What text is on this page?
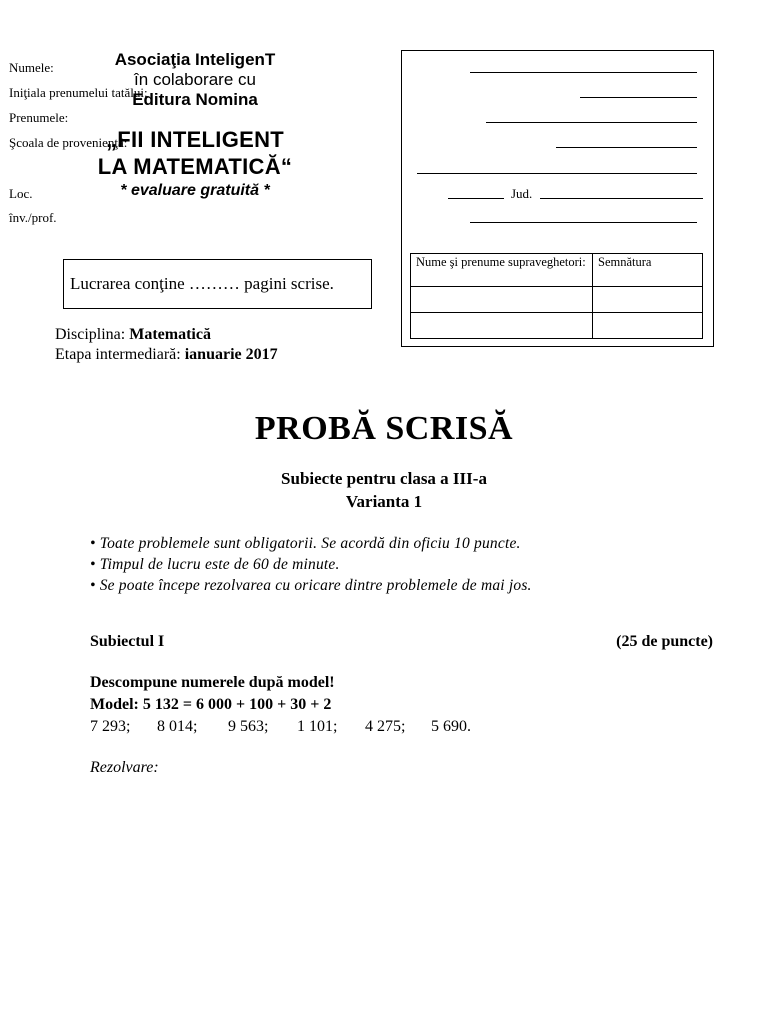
Asociaţia InteligenT
în colaborare cu
Editura Nomina
„FII INTELIGENT
LA MATEMATICĂ“
* evaluare gratuită *
Lucrarea conţine ……… pagini scrise.
Disciplina: Matematică
Etapa intermediară: ianuarie 2017
Numele:
Iniţiala prenumelui tatălui:
Prenumele:
Şcoala de provenienţă:
Loc.	Jud.
înv./prof.
Nume şi prenume supraveghetori:	Semnătura

PROBĂ SCRISĂ
Subiecte pentru clasa a III-a
Varianta 1
• Toate problemele sunt obligatorii. Se acordă din oficiu 10 puncte.
• Timpul de lucru este de 60 de minute.
• Se poate începe rezolvarea cu oricare dintre problemele de mai jos.
Subiectul I	(25 de puncte)
Descompune numerele după model!
Model: 5 132 = 6 000 + 100 + 30 + 2
7 293; 8 014; 9 563; 1 101; 4 275; 5 690.
Rezolvare:
